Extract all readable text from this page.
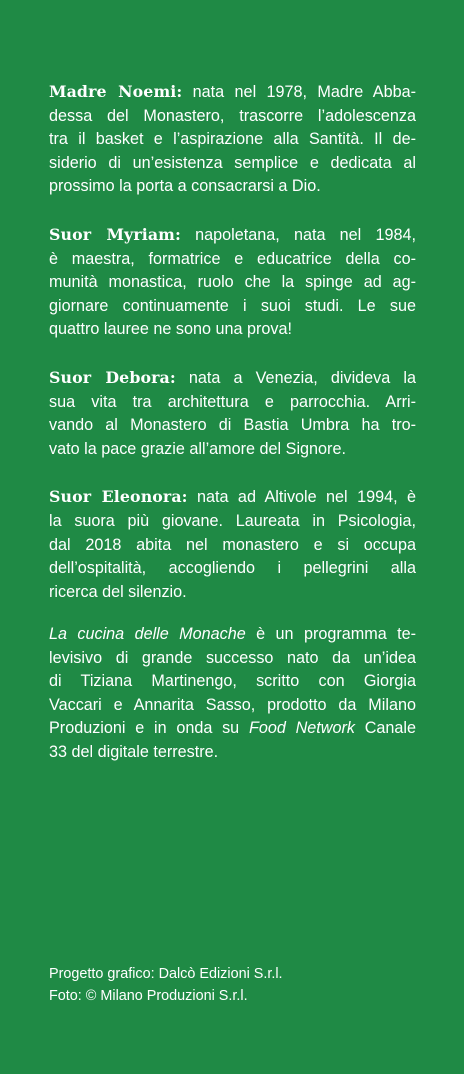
Madre Noemi: nata nel 1978, Madre Abba-
dessa del Monastero, trascorre l’adolescenza
tra il basket e l’aspirazione alla Santità. Il de-
siderio di un’esistenza semplice e dedicata al
prossimo la porta a consacrarsi a Dio.

Suor Myriam: napoletana, nata nel 1984,
è maestra, formatrice e educatrice della co-
munità monastica, ruolo che la spinge ad ag-
giornare continuamente i suoi studi. Le sue
quattro lauree ne sono una prova!

Suor Debora: nata a Venezia, divideva la
sua vita tra architettura e parrocchia. Arri-
vando al Monastero di Bastia Umbra ha tro-
vato la pace grazie all’amore del Signore.

Suor Eleonora: nata ad Altivole nel 1994, è
la suora più giovane. Laureata in Psicologia,
dal 2018 abita nel monastero e si occupa
dell’ospitalità, accogliendo i pellegrini alla
ricerca del silenzio.

La cucina delle Monache è un programma te-
levisivo di grande successo nato da un’idea
di Tiziana Martinengo, scritto con Giorgia
Vaccari e Annarita Sasso, prodotto da Milano
Produzioni e in onda su Food Network Canale
33 del digitale terrestre.
Progetto grafico: Dalcò Edizioni S.r.l.
Foto: © Milano Produzioni S.r.l.
